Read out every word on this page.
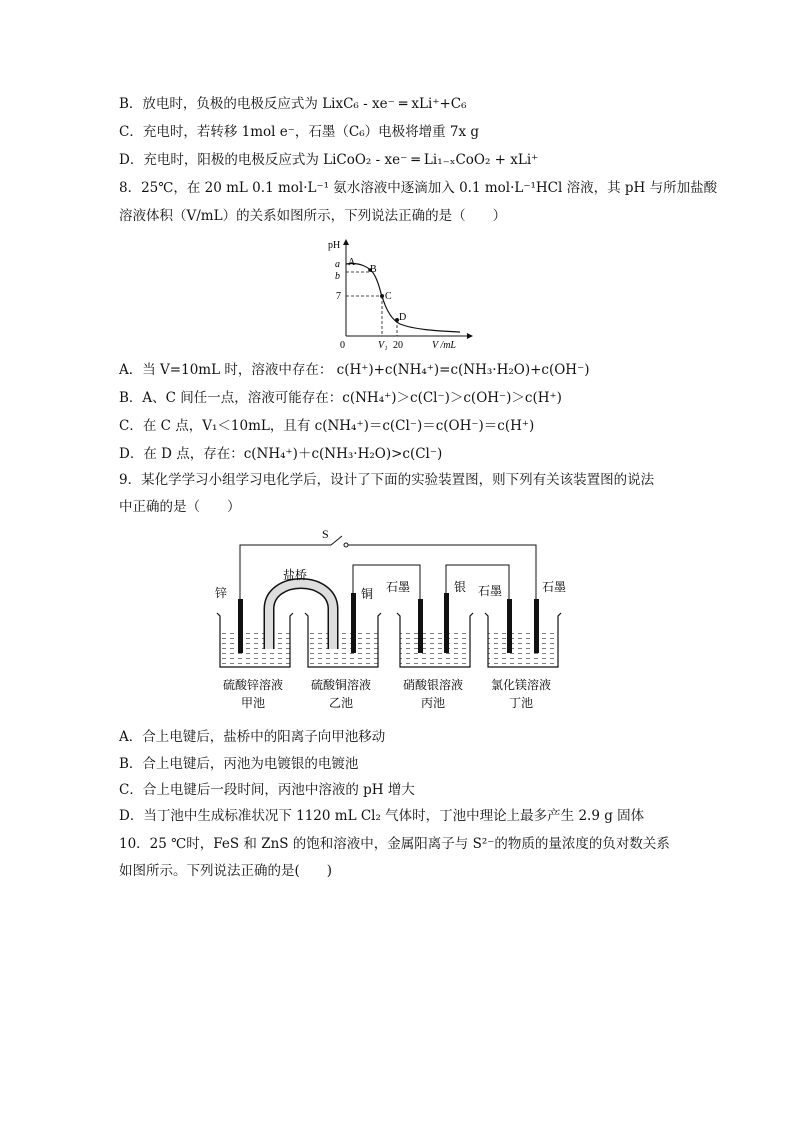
B．放电时，负极的电极反应式为 LixC₆ - xe⁻ ═ xLi⁺+C₆
C．充电时，若转移 1mol e⁻，石墨（C₆）电极将增重 7x g
D．充电时，阳极的电极反应式为 LiCoO₂ - xe⁻ ═ Li₁₋ₓCoO₂ + xLi⁺
8．25℃，在 20 mL 0.1 mol·L⁻¹ 氨水溶液中逐滴加入 0.1 mol·L⁻¹HCl 溶液，其 pH 与所加盐酸
溶液体积（V/mL）的关系如图所示，下列说法正确的是（　　）
pH
V /mL
0
a
b
7
V₁ 20
A
B
C
D
A．当 V=10mL 时，溶液中存在： c(H⁺)+c(NH₄⁺)=c(NH₃·H₂O)+c(OH⁻)
B．A、C 间任一点，溶液可能存在：c(NH₄⁺)＞c(Cl⁻)＞c(OH⁻)＞c(H⁺)
C．在 C 点，V₁＜10mL，且有 c(NH₄⁺)＝c(Cl⁻)＝c(OH⁻)＝c(H⁺)
D．在 D 点，存在：c(NH₄⁺)＋c(NH₃·H₂O)>c(Cl⁻)
9．某化学学习小组学习电化学后，设计了下面的实验装置图，则下列有关该装置图的说法
中正确的是（　　）
S
盐桥
锌	铜 石墨	银 石墨	石墨
硫酸锌溶液
甲池
硫酸铜溶液
乙池
硝酸银溶液
丙池
氯化镁溶液
丁池
A．合上电键后，盐桥中的阳离子向甲池移动
B．合上电键后，丙池为电镀银的电镀池
C．合上电键后一段时间，丙池中溶液的 pH 增大
D．当丁池中生成标准状况下 1120 mL Cl₂ 气体时，丁池中理论上最多产生 2.9 g 固体
10．25 ℃时，FeS 和 ZnS 的饱和溶液中，金属阳离子与 S²⁻的物质的量浓度的负对数关系
如图所示。下列说法正确的是(　　)
